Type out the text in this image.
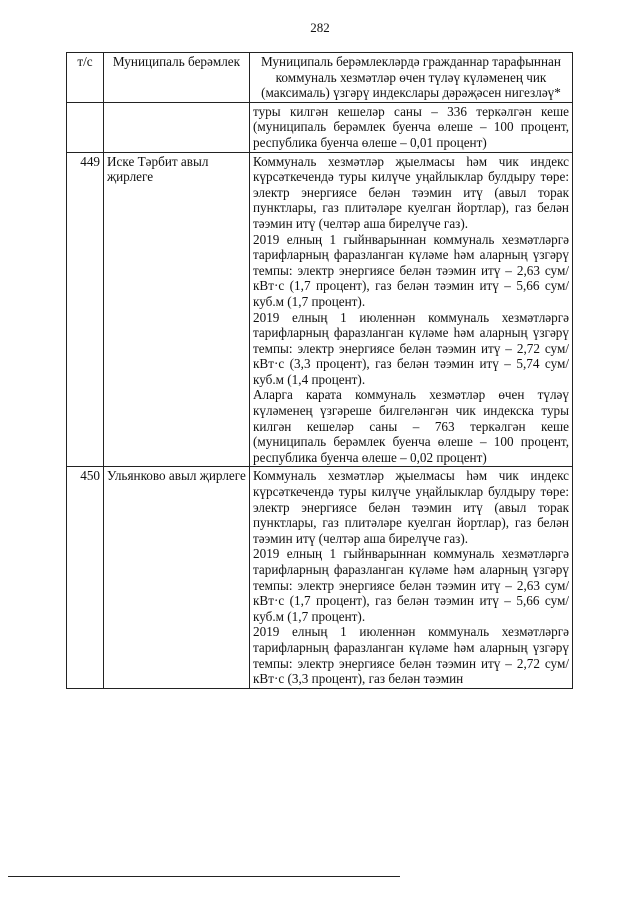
282
т/с	Муниципаль берәмлек	Муниципаль берәмлекләрдә гражданнар тарафыннан коммуналь хезмәтләр өчен түләү күләменең чик (максималь) үзгәрү индекслары дәрәҗәсен нигезләү*

		туры килгән кешеләр саны – 336 теркәлгән кеше (муниципаль берәмлек буенча өлеше – 100 процент, республика буенча өлеше – 0,01 процент)

449	Иске Тәрбит авыл җирлеге	Коммуналь хезмәтләр җыелмасы һәм чик индекс күрсәткечендә туры килүче уңайлыклар булдыру төре: электр энергиясе белән тәэмин итү (авыл торак пунктлары, газ плитәләре куелган йортлар), газ белән тәэмин итү (челтәр аша бирелүче газ).

2019 елның 1 гыйнварыннан коммуналь хезмәтләргә тарифларның фаразланган күләме һәм аларның үзгәрү темпы: электр энергиясе белән тәэмин итү – 2,63 сум/кВт·с (1,7 процент), газ белән тәэмин итү – 5,66 сум/куб.м (1,7 процент).

2019 елның 1 июленнән коммуналь хезмәтләргә тарифларның фаразланган күләме һәм аларның үзгәрү темпы: электр энергиясе белән тәэмин итү – 2,72 сум/кВт·с (3,3 процент), газ белән тәэмин итү – 5,74 сум/куб.м (1,4 процент).

Аларга карата коммуналь хезмәтләр өчен түләү күләменең үзгәреше билгеләнгән чик индекска туры килгән кешеләр саны – 763 теркәлгән кеше (муниципаль берәмлек буенча өлеше – 100 процент, республика буенча өлеше – 0,02 процент)

450	Ульянково авыл җирлеге	Коммуналь хезмәтләр җыелмасы һәм чик индекс күрсәткечендә туры килүче уңайлыклар булдыру төре: электр энергиясе белән тәэмин итү (авыл торак пунктлары, газ плитәләре куелган йортлар), газ белән тәэмин итү (челтәр аша бирелүче газ).

2019 елның 1 гыйнварыннан коммуналь хезмәтләргә тарифларның фаразланган күләме һәм аларның үзгәрү темпы: электр энергиясе белән тәэмин итү – 2,63 сум/кВт·с (1,7 процент), газ белән тәэмин итү – 5,66 сум/куб.м (1,7 процент).

2019 елның 1 июленнән коммуналь хезмәтләргә тарифларның фаразланган күләме һәм аларның үзгәрү темпы: электр энергиясе белән тәэмин итү – 2,72 сум/кВт·с (3,3 процент), газ белән тәэмин
